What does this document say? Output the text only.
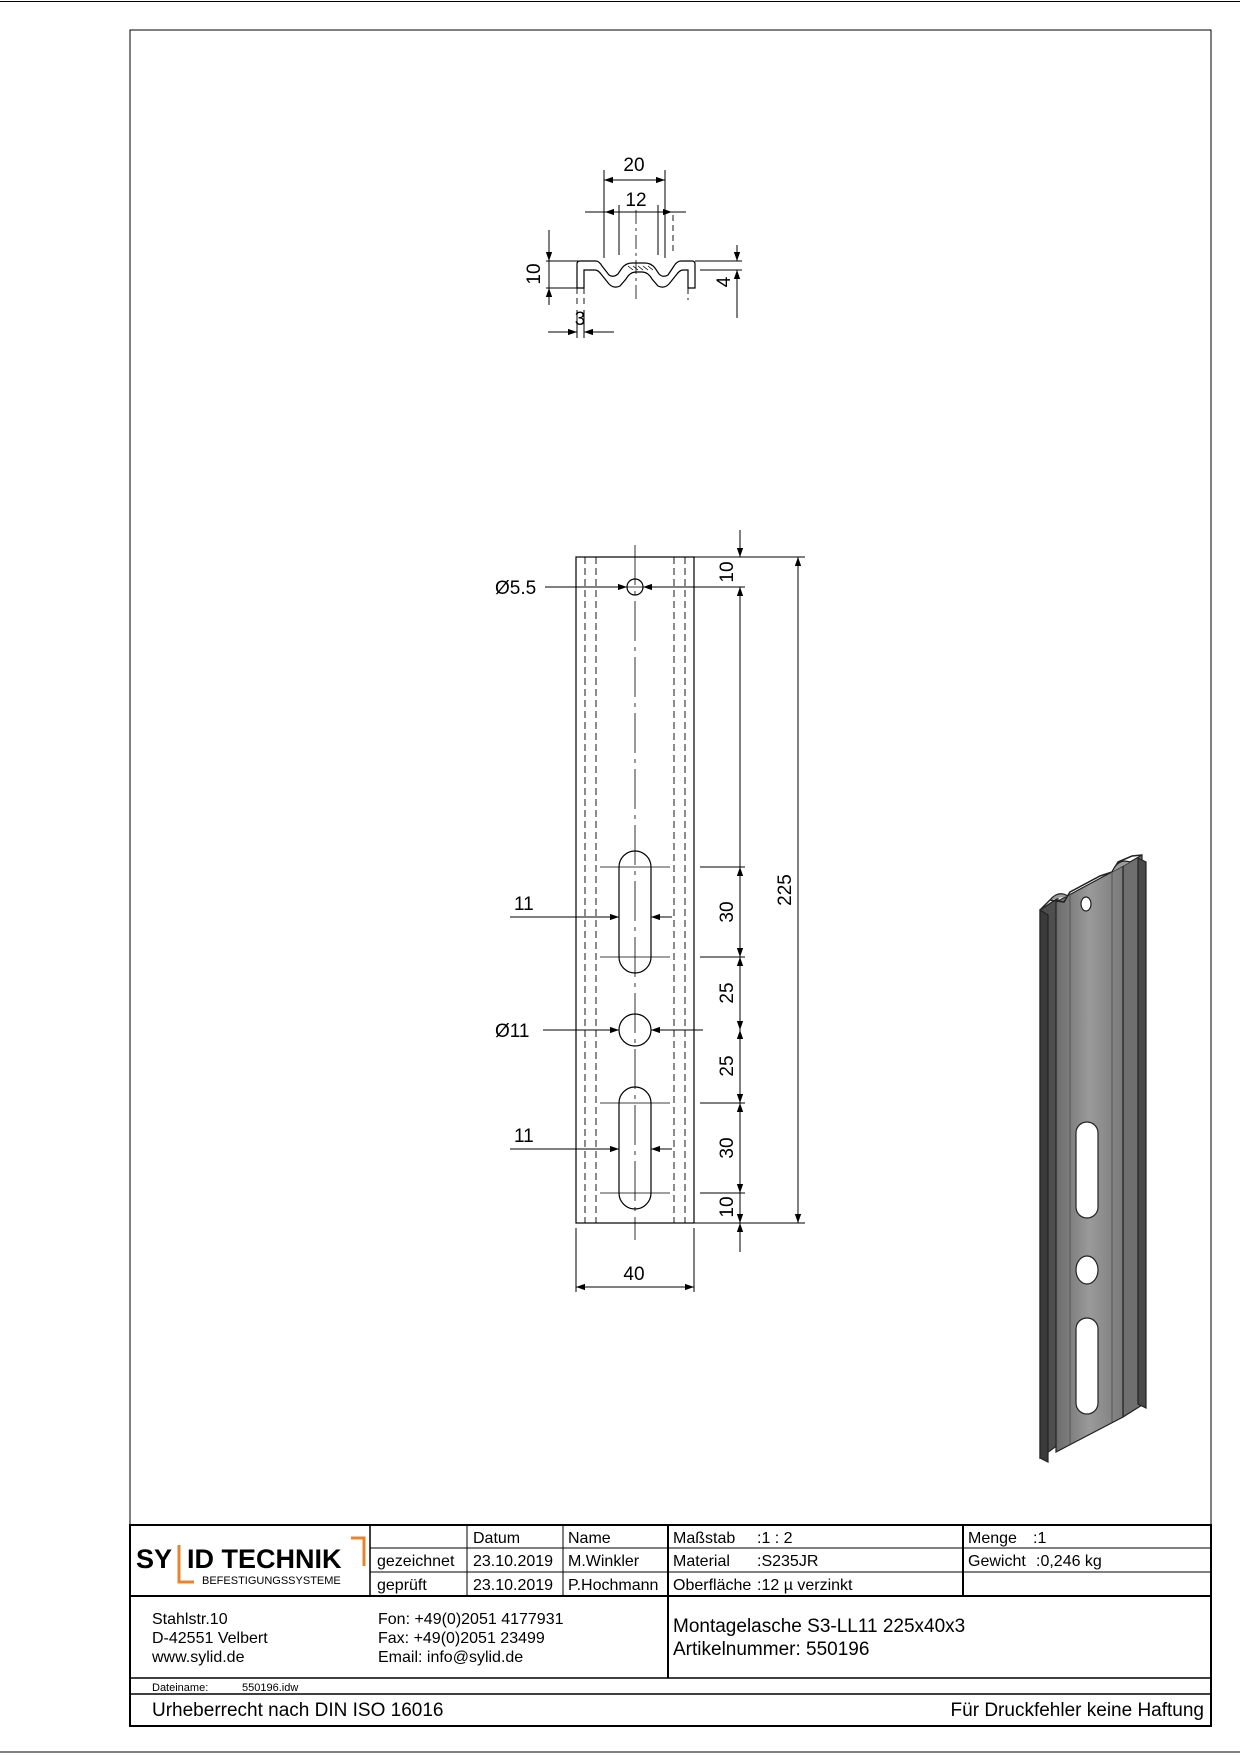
20
12
10	4
3
Ø5.5
Ø11
11
11
10
30
25
25
30
10
225
40
SY ID TECHNIK
BEFESTIGUNGSSYSTEME
Datum	Name
gezeichnet 23.10.2019 M.Winkler
geprüft	23.10.2019 P.Hochmann
Maßstab :1 : 2
Material :S235JR
Oberfläche :12 µ verzinkt
Menge :1
Gewicht :0,246 kg
Stahlstr.10
D-42551 Velbert
www.sylid.de
Fon: +49(0)2051 4177931
Fax: +49(0)2051 23499
Email: info@sylid.de
Montagelasche S3-LL11 225x40x3
Artikelnummer: 550196
Dateiname:	550196.idw
Urheberrecht nach DIN ISO 16016	Für Druckfehler keine Haftung
